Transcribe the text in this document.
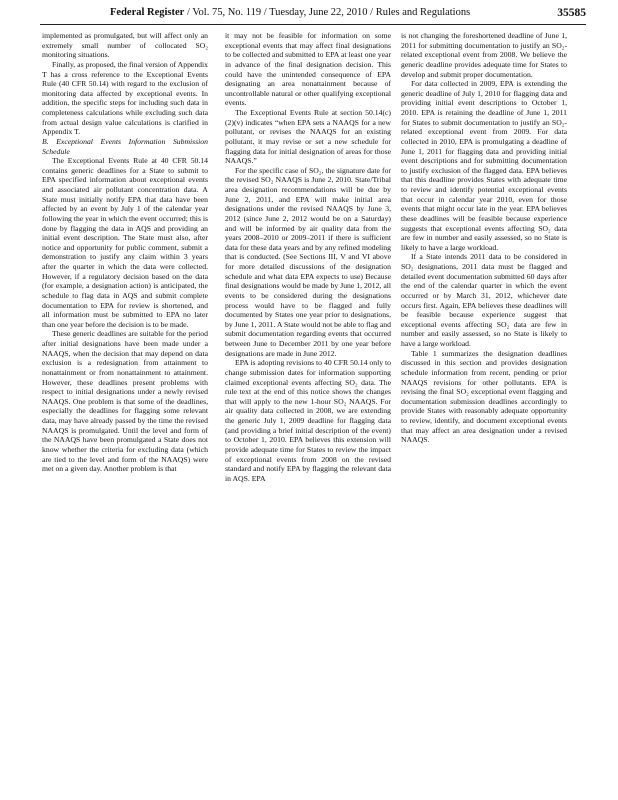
Federal Register / Vol. 75, No. 119 / Tuesday, June 22, 2010 / Rules and Regulations	35585

implemented as promulgated, but will affect only an extremely small number of collocated SO₂ monitoring situations.

Finally, as proposed, the final version of Appendix T has a cross reference to the Exceptional Events Rule (40 CFR 50.14) with regard to the exclusion of monitoring data affected by exceptional events. In addition, the specific steps for including such data in completeness calculations while excluding such data from actual design value calculations is clarified in Appendix T.

B. Exceptional Events Information Submission Schedule

The Exceptional Events Rule at 40 CFR 50.14 contains generic deadlines for a State to submit to EPA specified information about exceptional events and associated air pollutant concentration data. A State must initially notify EPA that data have been affected by an event by July 1 of the calendar year following the year in which the event occurred; this is done by flagging the data in AQS and providing an initial event description. The State must also, after notice and opportunity for public comment, submit a demonstration to justify any claim within 3 years after the quarter in which the data were collected. However, if a regulatory decision based on the data (for example, a designation action) is anticipated, the schedule to flag data in AQS and submit complete documentation to EPA for review is shortened, and all information must be submitted to EPA no later than one year before the decision is to be made.

These generic deadlines are suitable for the period after initial designations have been made under a NAAQS, when the decision that may depend on data exclusion is a redesignation from attainment to nonattainment or from nonattainment to attainment. However, these deadlines present problems with respect to initial designations under a newly revised NAAQS. One problem is that some of the deadlines, especially the deadlines for flagging some relevant data, may have already passed by the time the revised NAAQS is promulgated. Until the level and form of the NAAQS have been promulgated a State does not know whether the criteria for excluding data (which are tied to the level and form of the NAAQS) were met on a given day. Another problem is that

it may not be feasible for information on some exceptional events that may affect final designations to be collected and submitted to EPA at least one year in advance of the final designation decision. This could have the unintended consequence of EPA designating an area nonattainment because of uncontrollable natural or other qualifying exceptional events.

The Exceptional Events Rule at section 50.14(c)(2)(v) indicates “when EPA sets a NAAQS for a new pollutant, or revises the NAAQS for an existing pollutant, it may revise or set a new schedule for flagging data for initial designation of areas for those NAAQS.”

For the specific case of SO₂, the signature date for the revised SO₂ NAAQS is June 2, 2010. State/Tribal area designation recommendations will be due by June 2, 2011, and EPA will make initial area designations under the revised NAAQS by June 3, 2012 (since June 2, 2012 would be on a Saturday) and will be informed by air quality data from the years 2008–2010 or 2009–2011 if there is sufficient data for these data years and by any refined modeling that is conducted. (See Sections III, V and VI above for more detailed discussions of the designation schedule and what data EPA expects to use) Because final designations would be made by June 1, 2012, all events to be considered during the designations process would have to be flagged and fully documented by States one year prior to designations, by June 1, 2011. A State would not be able to flag and submit documentation regarding events that occurred between June to December 2011 by one year before designations are made in June 2012.

EPA is adopting revisions to 40 CFR 50.14 only to change submission dates for information supporting claimed exceptional events affecting SO₂ data. The rule text at the end of this notice shows the changes that will apply to the new 1-hour SO₂ NAAQS. For air quality data collected in 2008, we are extending the generic July 1, 2009 deadline for flagging data (and providing a brief initial description of the event) to October 1, 2010. EPA believes this extension will provide adequate time for States to review the impact of exceptional events from 2008 on the revised standard and notify EPA by flagging the relevant data in AQS. EPA

is not changing the foreshortened deadline of June 1, 2011 for submitting documentation to justify an SO₂-related exceptional event from 2008. We believe the generic deadline provides adequate time for States to develop and submit proper documentation.

For data collected in 2009, EPA is extending the generic deadline of July 1, 2010 for flagging data and providing initial event descriptions to October 1, 2010. EPA is retaining the deadline of June 1, 2011 for States to submit documentation to justify an SO₂-related exceptional event from 2009. For data collected in 2010, EPA is promulgating a deadline of June 1, 2011 for flagging data and providing initial event descriptions and for submitting documentation to justify exclusion of the flagged data. EPA believes that this deadline provides States with adequate time to review and identify potential exceptional events that occur in calendar year 2010, even for those events that might occur late in the year. EPA believes these deadlines will be feasible because experience suggests that exceptional events affecting SO₂ data are few in number and easily assessed, so no State is likely to have a large workload.

If a State intends 2011 data to be considered in SO₂ designations, 2011 data must be flagged and detailed event documentation submitted 60 days after the end of the calendar quarter in which the event occurred or by March 31, 2012, whichever date occurs first. Again, EPA believes these deadlines will be feasible because experience suggest that exceptional events affecting SO₂ data are few in number and easily assessed, so no State is likely to have a large workload.

Table 1 summarizes the designation deadlines discussed in this section and provides designation schedule information from recent, pending or prior NAAQS revisions for other pollutants. EPA is revising the final SO₂ exceptional event flagging and documentation submission deadlines accordingly to provide States with reasonably adequate opportunity to review, identify, and document exceptional events that may affect an area designation under a revised NAAQS.
